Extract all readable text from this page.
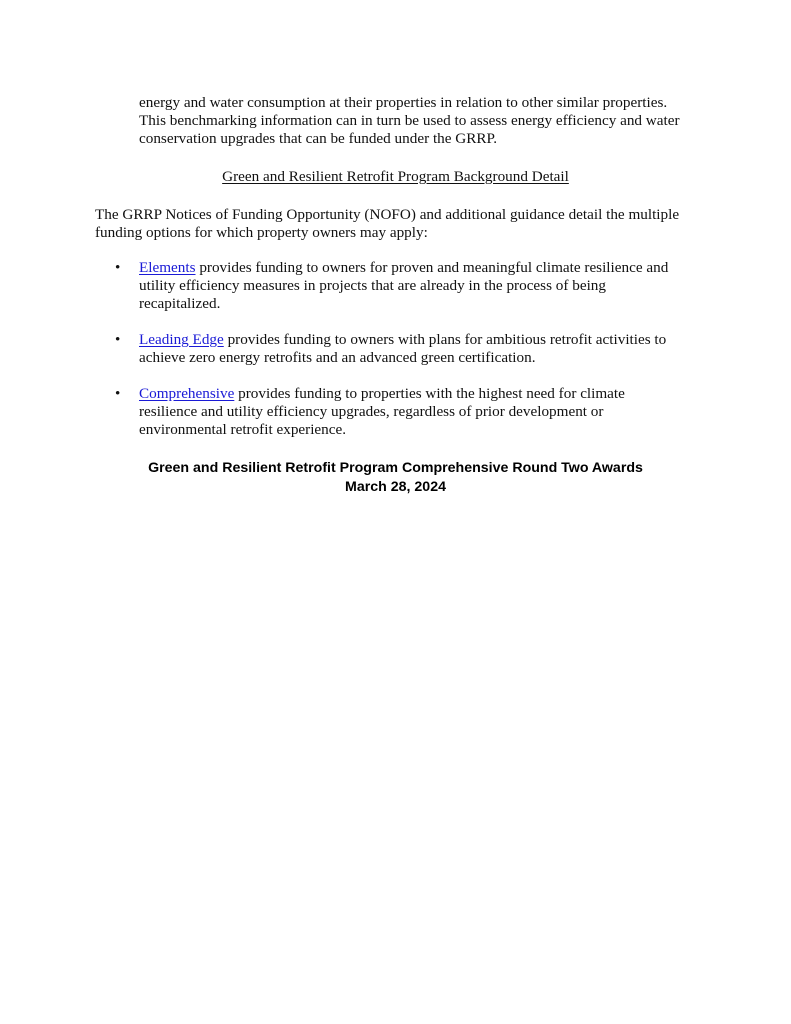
energy and water consumption at their properties in relation to other similar properties.
This benchmarking information can in turn be used to assess energy efficiency and water
conservation upgrades that can be funded under the GRRP.

Green and Resilient Retrofit Program Background Detail

The GRRP Notices of Funding Opportunity (NOFO) and additional guidance detail the multiple
funding options for which property owners may apply:

• Elements provides funding to owners for proven and meaningful climate resilience and
utility efficiency measures in projects that are already in the process of being
recapitalized.
• Leading Edge provides funding to owners with plans for ambitious retrofit activities to
achieve zero energy retrofits and an advanced green certification.
• Comprehensive provides funding to properties with the highest need for climate
resilience and utility efficiency upgrades, regardless of prior development or
environmental retrofit experience.
Green and Resilient Retrofit Program Comprehensive Round Two Awards
March 28, 2024
